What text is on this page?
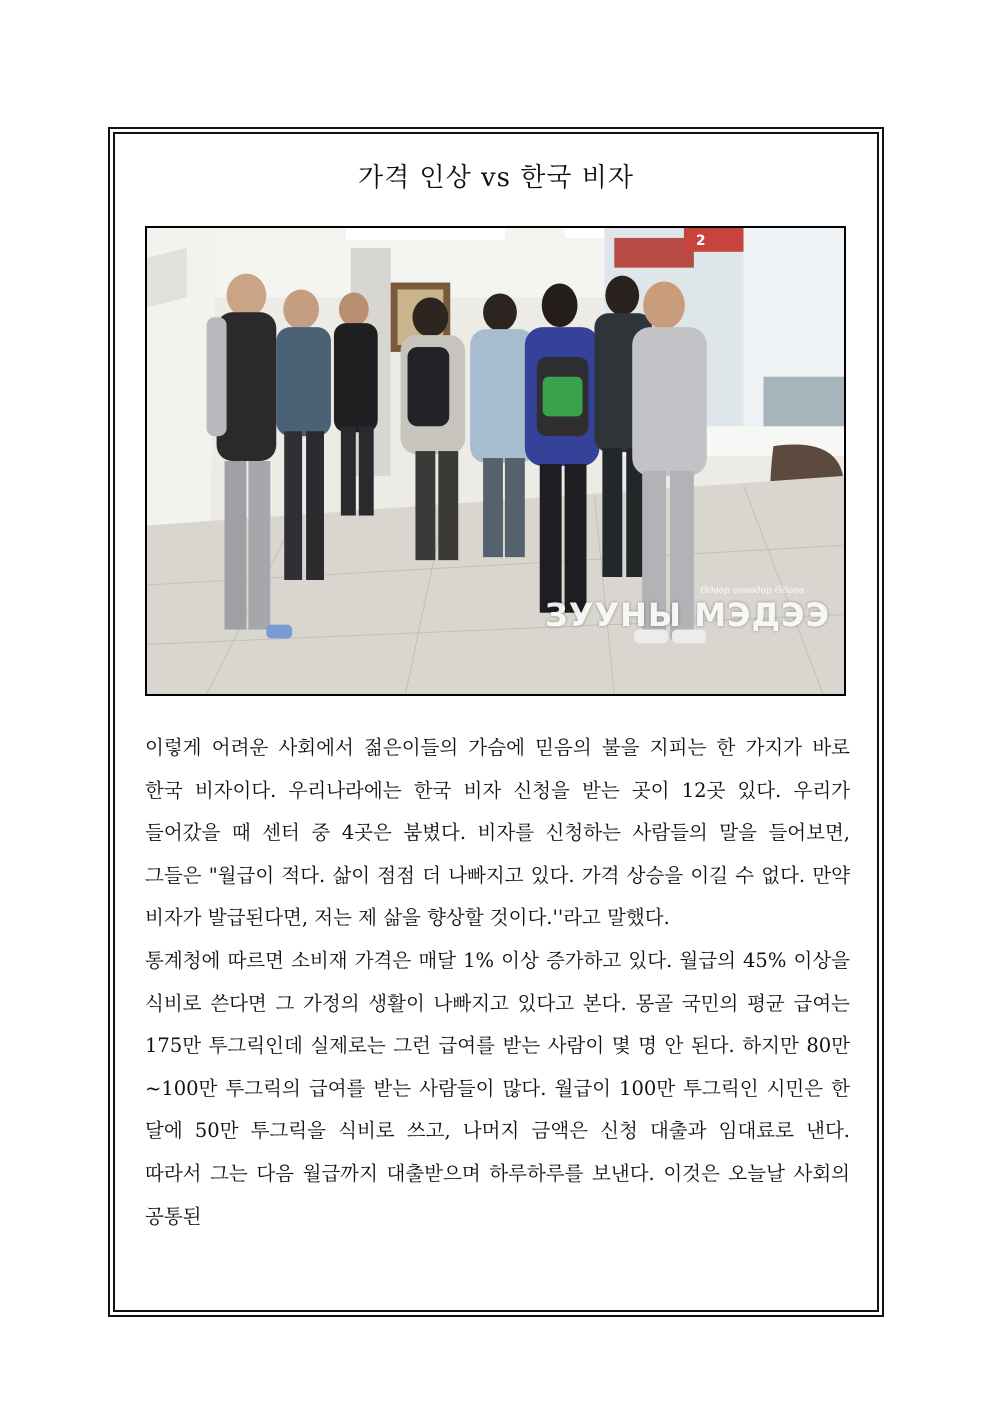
가격 인상 vs 한국 비자
2
Өдөөр өнөөдөр Өдөөө
ЗУУНЫ МЭДЭЭ

이렇게 어려운 사회에서 젊은이들의 가슴에 믿음의 불을 지피는 한 가지가 바로 한국 비자이다. 우리나라에는 한국 비자 신청을 받는 곳이 12곳 있다. 우리가 들어갔을 때 센터 중 4곳은 붐볐다. 비자를 신청하는 사람들의 말을 들어보면, 그들은 "월급이 적다. 삶이 점점 더 나빠지고 있다. 가격 상승을 이길 수 없다. 만약 비자가 발급된다면, 저는 제 삶을 향상할 것이다.''라고 말했다.

통계청에 따르면 소비재 가격은 매달 1% 이상 증가하고 있다. 월급의 45% 이상을 식비로 쓴다면 그 가정의 생활이 나빠지고 있다고 본다. 몽골 국민의 평균 급여는 175만 투그릭인데 실제로는 그런 급여를 받는 사람이 몇 명 안 된다. 하지만 80만~100만 투그릭의 급여를 받는 사람들이 많다. 월급이 100만 투그릭인 시민은 한 달에 50만 투그릭을 식비로 쓰고, 나머지 금액은 신청 대출과 임대료로 낸다. 따라서 그는 다음 월급까지 대출받으며 하루하루를 보낸다. 이것은 오늘날 사회의 공통된
